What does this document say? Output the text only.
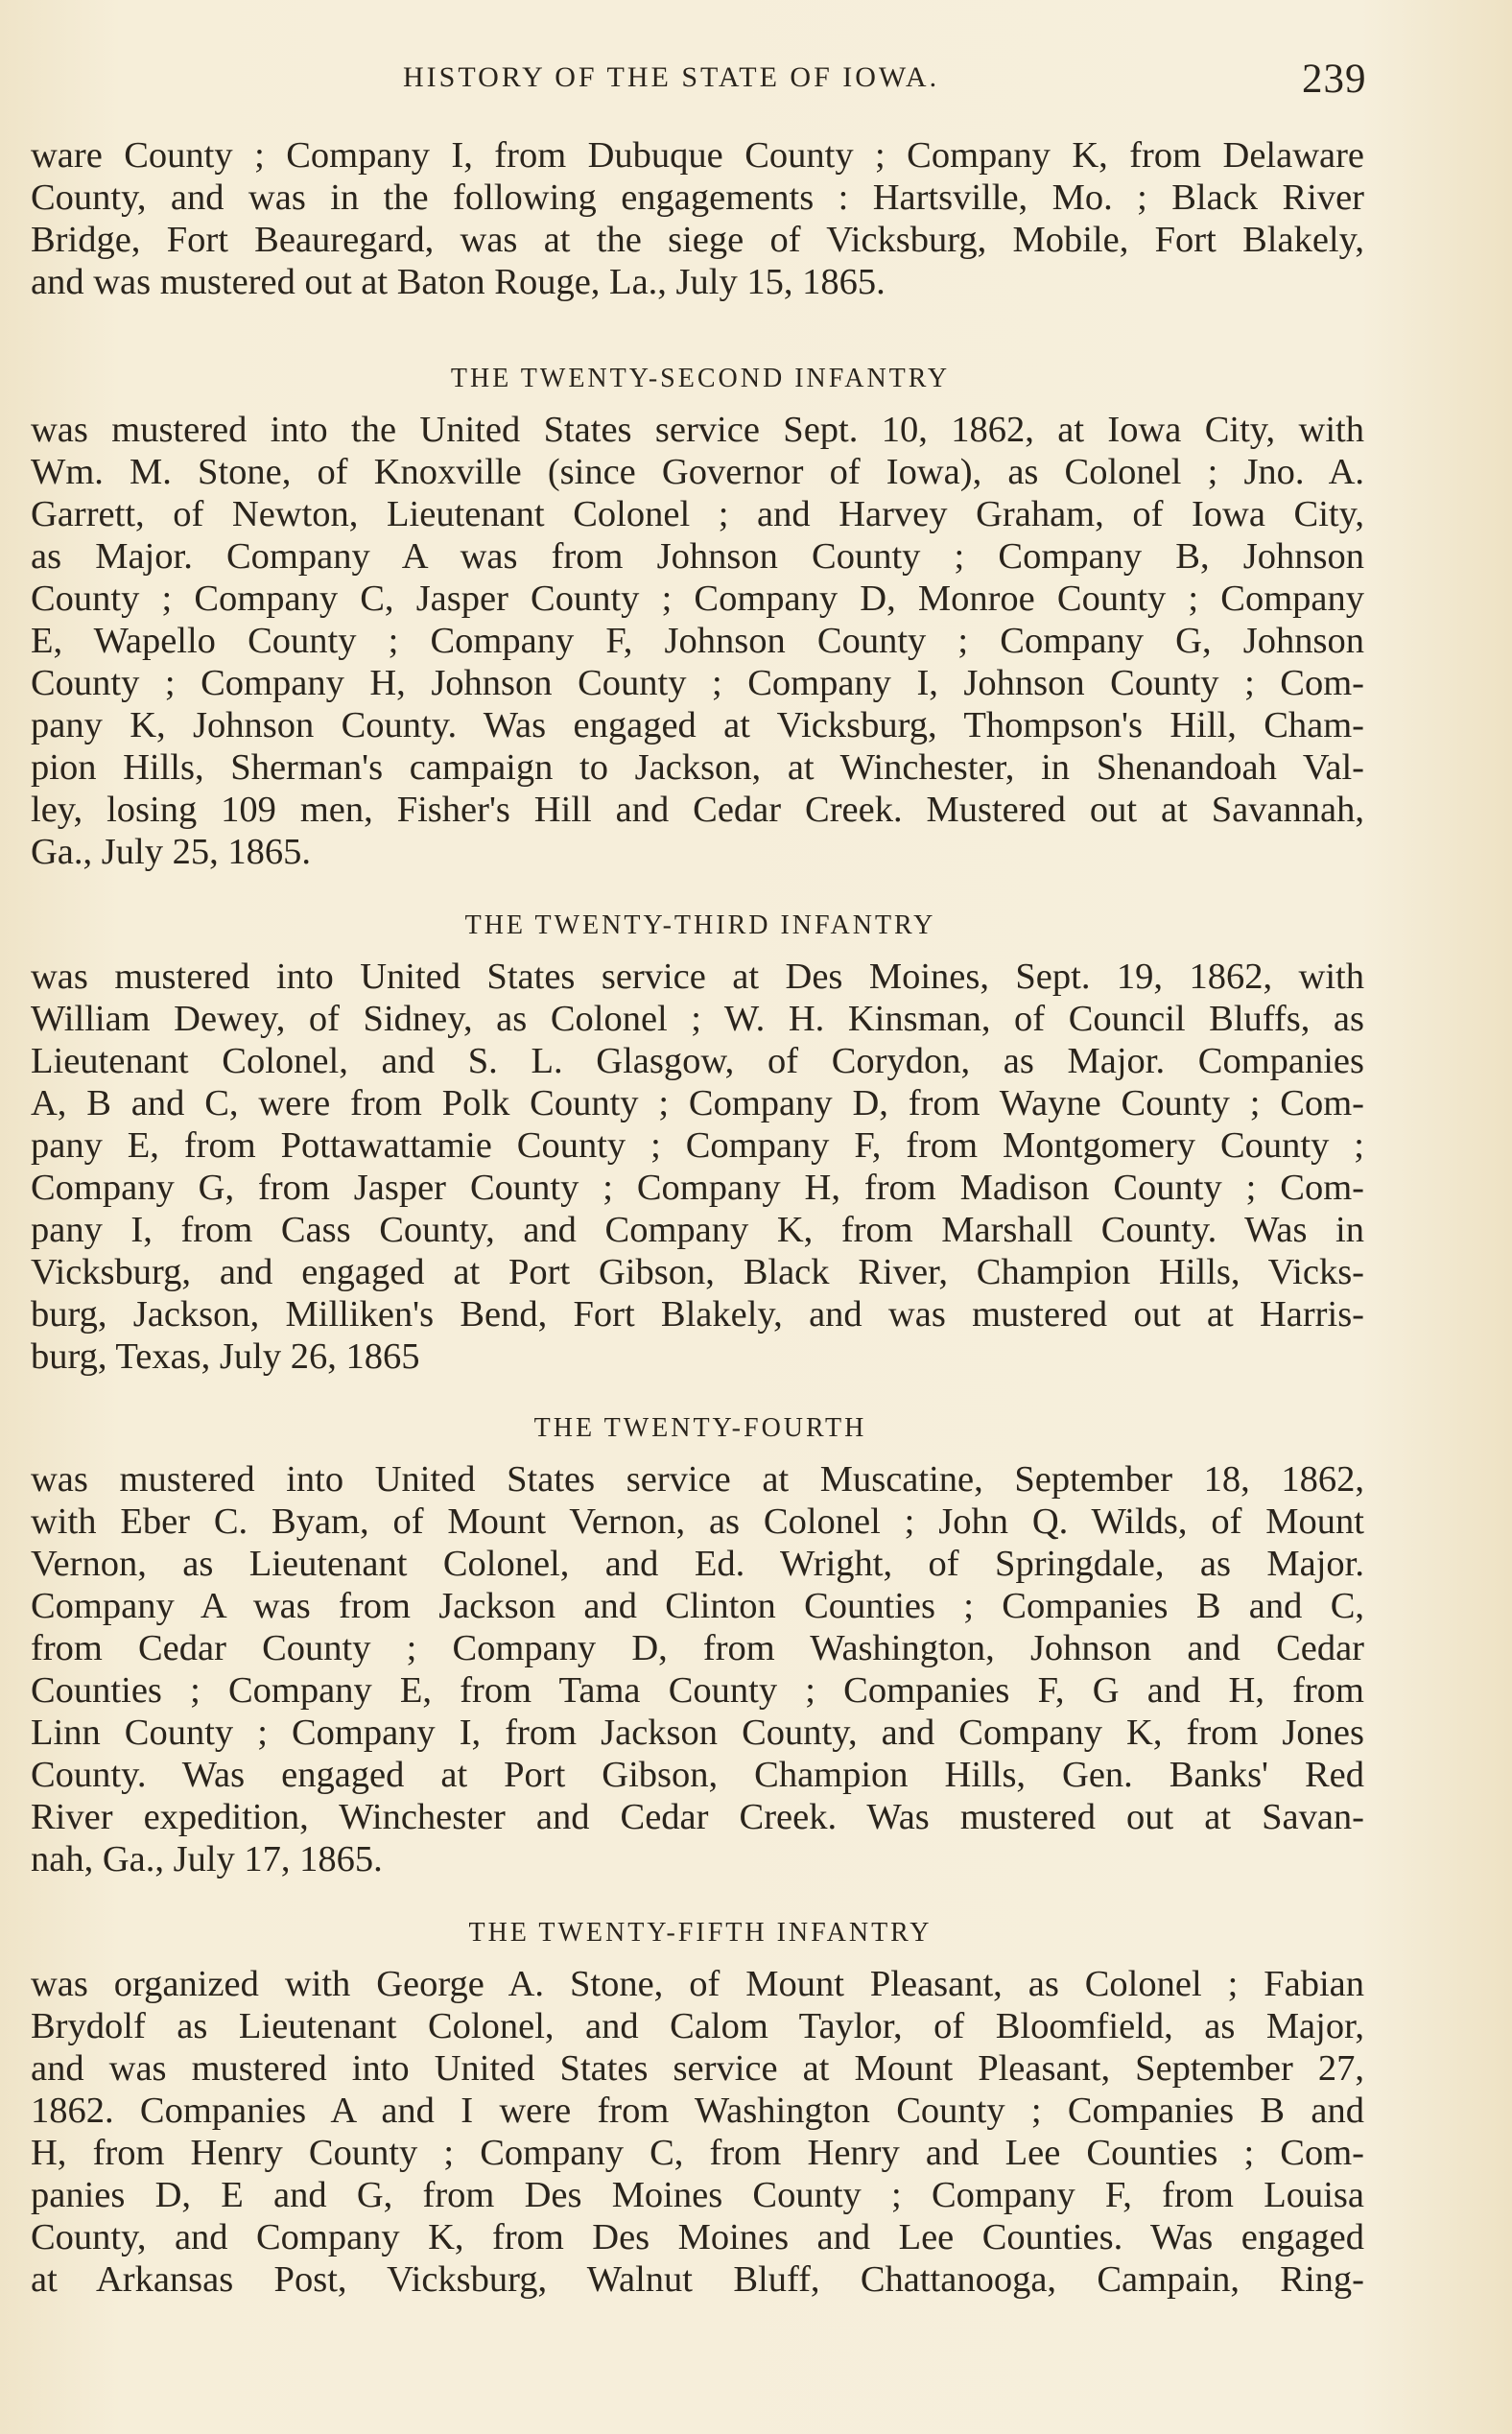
HISTORY OF THE STATE OF IOWA.	239
ware County ; Company I, from Dubuque County ; Company K, from Delaware
County, and was in the following engagements : Hartsville, Mo. ; Black River
Bridge, Fort Beauregard, was at the siege of Vicksburg, Mobile, Fort Blakely,
and was mustered out at Baton Rouge, La., July 15, 1865.
THE TWENTY-SECOND INFANTRY
was mustered into the United States service Sept. 10, 1862, at Iowa City, with
Wm. M. Stone, of Knoxville (since Governor of Iowa), as Colonel ; Jno. A.
Garrett, of Newton, Lieutenant Colonel ; and Harvey Graham, of Iowa City,
as Major. Company A was from Johnson County ; Company B, Johnson
County ; Company C, Jasper County ; Company D, Monroe County ; Company
E, Wapello County ; Company F, Johnson County ; Company G, Johnson
County ; Company H, Johnson County ; Company I, Johnson County ; Com-
pany K, Johnson County. Was engaged at Vicksburg, Thompson's Hill, Cham-
pion Hills, Sherman's campaign to Jackson, at Winchester, in Shenandoah Val-
ley, losing 109 men, Fisher's Hill and Cedar Creek. Mustered out at Savannah,
Ga., July 25, 1865.
THE TWENTY-THIRD INFANTRY
was mustered into United States service at Des Moines, Sept. 19, 1862, with
William Dewey, of Sidney, as Colonel ; W. H. Kinsman, of Council Bluffs, as
Lieutenant Colonel, and S. L. Glasgow, of Corydon, as Major. Companies
A, B and C, were from Polk County ; Company D, from Wayne County ; Com-
pany E, from Pottawattamie County ; Company F, from Montgomery County ;
Company G, from Jasper County ; Company H, from Madison County ; Com-
pany I, from Cass County, and Company K, from Marshall County. Was in
Vicksburg, and engaged at Port Gibson, Black River, Champion Hills, Vicks-
burg, Jackson, Milliken's Bend, Fort Blakely, and was mustered out at Harris-
burg, Texas, July 26, 1865
THE TWENTY-FOURTH
was mustered into United States service at Muscatine, September 18, 1862,
with Eber C. Byam, of Mount Vernon, as Colonel ; John Q. Wilds, of Mount
Vernon, as Lieutenant Colonel, and Ed. Wright, of Springdale, as Major.
Company A was from Jackson and Clinton Counties ; Companies B and C,
from Cedar County ; Company D, from Washington, Johnson and Cedar
Counties ; Company E, from Tama County ; Companies F, G and H, from
Linn County ; Company I, from Jackson County, and Company K, from Jones
County. Was engaged at Port Gibson, Champion Hills, Gen. Banks' Red
River expedition, Winchester and Cedar Creek. Was mustered out at Savan-
nah, Ga., July 17, 1865.
THE TWENTY-FIFTH INFANTRY
was organized with George A. Stone, of Mount Pleasant, as Colonel ; Fabian
Brydolf as Lieutenant Colonel, and Calom Taylor, of Bloomfield, as Major,
and was mustered into United States service at Mount Pleasant, September 27,
1862. Companies A and I were from Washington County ; Companies B and
H, from Henry County ; Company C, from Henry and Lee Counties ; Com-
panies D, E and G, from Des Moines County ; Company F, from Louisa
County, and Company K, from Des Moines and Lee Counties. Was engaged
at Arkansas Post, Vicksburg, Walnut Bluff, Chattanooga, Campain, Ring-
